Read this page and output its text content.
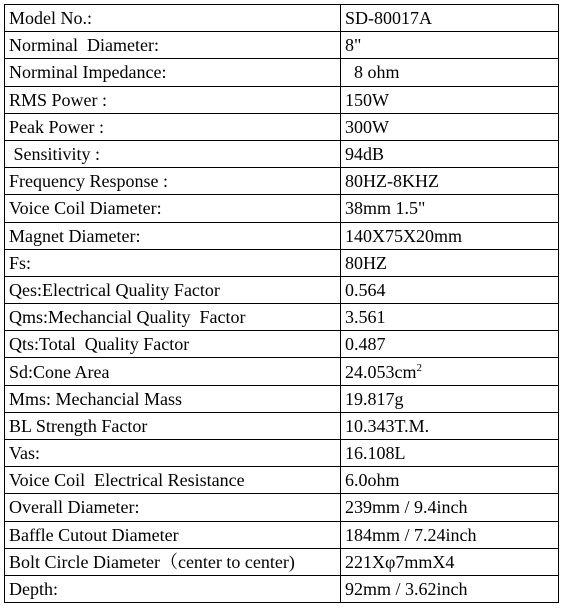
Model No.:	SD-80017A
Norminal  Diameter:	8"
Norminal Impedance:	8 ohm
RMS Power :	150W
Peak Power :	300W
Sensitivity :	94dB
Frequency Response :	80HZ-8KHZ
Voice Coil Diameter:	38mm 1.5"
Magnet Diameter:	140X75X20mm
Fs:	80HZ
Qes:Electrical Quality Factor	0.564
Qms:Mechancial Quality  Factor	3.561
Qts:Total  Quality Factor	0.487
Sd:Cone Area	$24.053cm^2$
Mms: Mechancial Mass	19.817g
BL Strength Factor	10.343T.M.
Vas:	16.108L
Voice Coil  Electrical Resistance	6.0ohm
Overall Diameter:	239mm / 9.4inch
Baffle Cutout Diameter	184mm / 7.24inch
Bolt Circle Diameter（center to center)	221Xφ7mmX4
Depth:	92mm / 3.62inch
